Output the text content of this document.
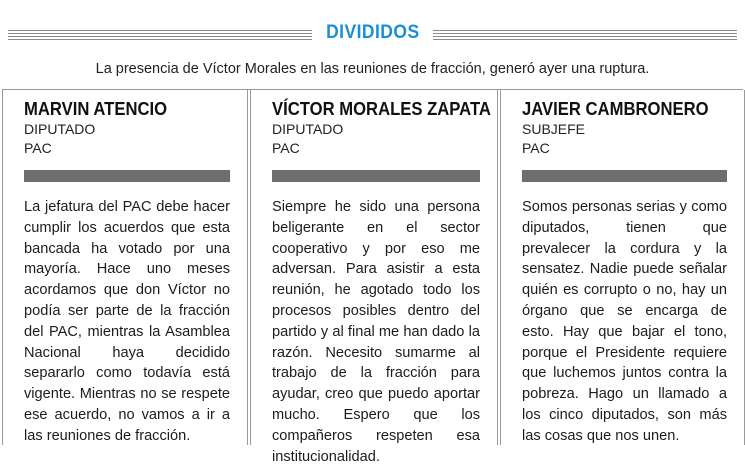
DIVIDIDOS
La presencia de Víctor Morales en las reuniones de fracción, generó ayer una ruptura.
MARVIN ATENCIO
DIPUTADO
PAC
La jefatura del PAC debe hacer cumplir los acuerdos que esta bancada ha votado por una mayoría. Hace uno meses acordamos que don Víctor no podía ser parte de la fracción del PAC, mientras la Asamblea Nacional haya decidido separarlo como todavía está vigente. Mientras no se respete ese acuerdo, no vamos a ir a las reuniones de fracción.
VÍCTOR MORALES ZAPATA
DIPUTADO
PAC
Siempre he sido una persona beligerante en el sector cooperativo y por eso me adversan. Para asistir a esta reunión, he agotado todo los procesos posibles dentro del partido y al final me han dado la razón. Necesito sumarme al trabajo de la fracción para ayudar, creo que puedo aportar mucho. Espero que los compañeros respeten esa institucionalidad.
JAVIER CAMBRONERO
SUBJEFE
PAC
Somos personas serias y como diputados, tienen que prevalecer la cordura y la sensatez. Nadie puede señalar quién es corrupto o no, hay un órgano que se encarga de esto. Hay que bajar el tono, porque el Presidente requiere que luchemos juntos contra la pobreza. Hago un llamado a los cinco diputados, son más las cosas que nos unen.
